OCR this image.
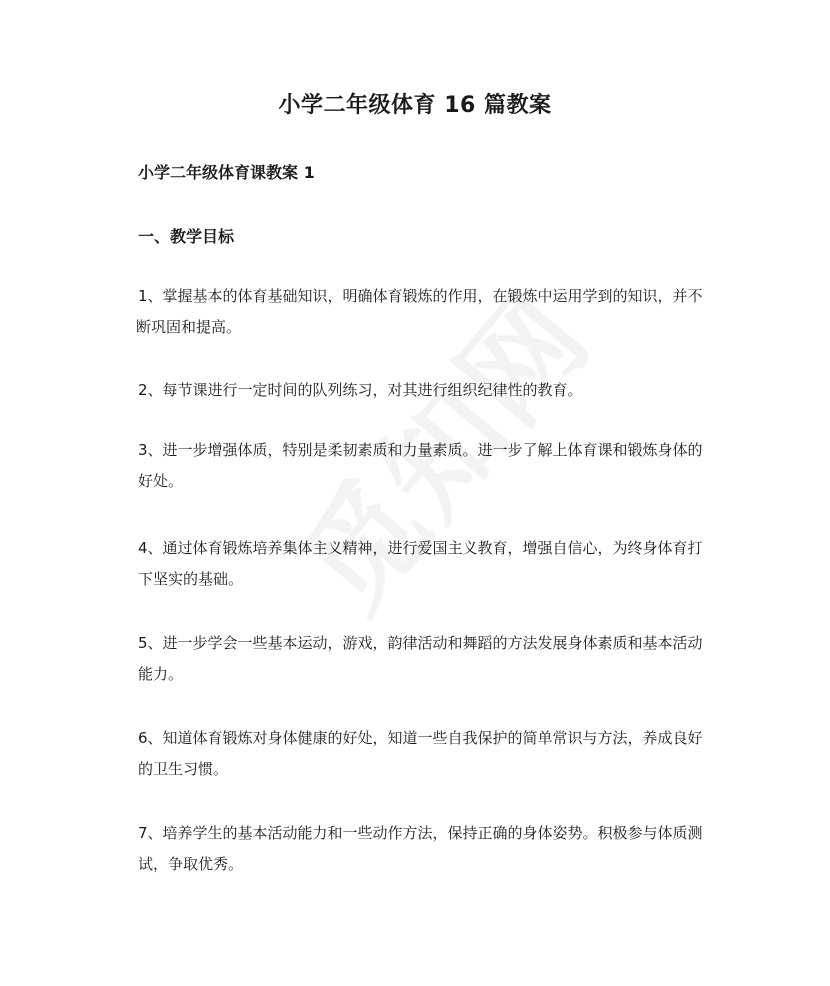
小学二年级体育 16 篇教案
小学二年级体育课教案 1
一、教学目标
1、掌握基本的体育基础知识，明确体育锻炼的作用，在锻炼中运用学到的知识，并不
断巩固和提高。
2、每节课进行一定时间的队列练习，对其进行组织纪律性的教育。
3、进一步增强体质，特别是柔韧素质和力量素质。进一步了解上体育课和锻炼身体的
好处。
4、通过体育锻炼培养集体主义精神，进行爱国主义教育，增强自信心，为终身体育打
下坚实的基础。
5、进一步学会一些基本运动，游戏，韵律活动和舞蹈的方法发展身体素质和基本活动
能力。
6、知道体育锻炼对身体健康的好处，知道一些自我保护的简单常识与方法，养成良好
的卫生习惯。
7、培养学生的基本活动能力和一些动作方法，保持正确的身体姿势。积极参与体质测
试，争取优秀。
